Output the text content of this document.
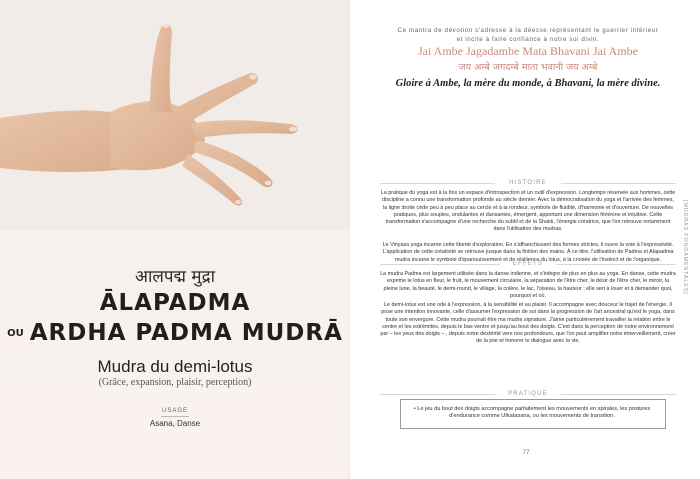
आलपद्म मुद्रा
ĀLAPADMA
OU ARDHA PADMA MUDRĀ
Mudra du demi-lotus
(Grâce, expansion, plaisir, perception)
USAGE
Asana, Danse
Ce mantra de dévotion s'adresse à la déesse représentant le guerrier intérieur
et incite à faire confiance à notre soi divin.
Jai Ambe Jagadambe Mata Bhavani Jai Ambe
जय अम्बे जगदम्बे माता भवानी जय अम्बे
Gloire à Ambe, la mère du monde, à Bhavani, la mère divine.
HISTOIRE
La pratique du yoga est à la fois un espace d'introspection et un outil d'expression. Longtemps réservée aux hommes, cette discipline a connu une transformation profonde au siècle dernier. Avec la démocratisation du yoga et l'arrivée des femmes, la ligne droite cède peu à peu place au cercle et à la rondeur, symbole de fluidité, d'harmonie et d'ouverture. De nouvelles pratiques, plus souples, ondulantes et dansantes, émergent, apportant une dimension féminine et intuitive. Cette transformation s'accompagne d'une recherche du subtil et de la Shakti, l'énergie créatrice, que l'on retrouve notamment dans l'utilisation des mudras.
Le Vinyasa yoga incarne cette liberté d'exploration. En s'affranchissant des formes strictes, il ouvre la voie à l'expressivité. L'application de cette créativité se retrouve jusque dans la finition des mains. À ce titre, l'utilisation de Padma et Alapadma mudra incarne le symbole d'épanouissement et de résilience du lotus, à la croisée de l'instinct et de l'organique.
EFFETS
La mudra Padma est largement utilisée dans la danse indienne, et s'intègre de plus en plus au yoga. En danse, cette mudra exprime le lotus en fleur, le fruit, le mouvement circulaire, la séparation de l'être cher, le désir de l'être cher, le miroir, la pleine lune, la beauté, le demi-round, le village, la colère, le lac, l'oiseau, la hauteur ; elle sert à louer et à demander quoi, pourquoi et où.
Le demi-lotus est une ode à l'expression, à la sensibilité et au plaisir. Il accompagne avec douceur le trajet de l'énergie. Il pose une intention innovante, celle d'assumer l'expression de soi dans la progression de l'art ancestral qu'est le yoga, dans toute son envergure. Cette mudra pourrait être ma mudra signature. J'aime particulièrement travailler la relation entre le centre et les extrémités, depuis le bas-ventre et jusqu'au bout des doigts. C'est dans la perception de notre environnement par – les yeux des doigts – , depuis notre dextérité vers nos profondeurs, que l'on peut amplifier notre émerveillement, créer de la joie et honorer le dialogue avec la vie.
PRATIQUE
• Le jeu du bout des doigts accompagne parfaitement les mouvements en spirales, les postures d'endurance comme Utkatasana, ou les mouvements de transition.
77
[MUDRAS FONDAMENTALES]
